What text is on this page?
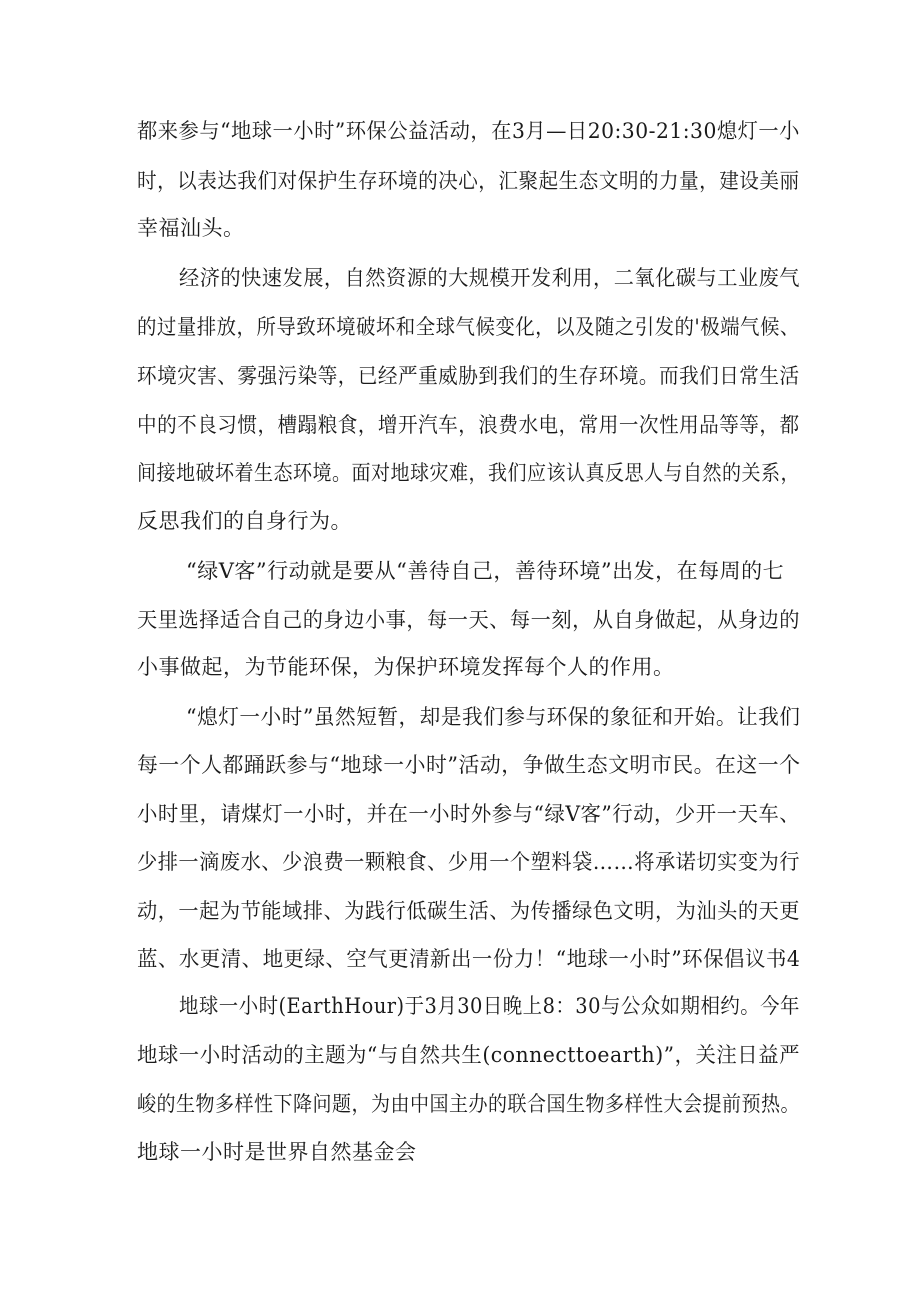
都来参与“地球一小时”环保公益活动，在3月—日20:30-21:30熄灯一小
时，以表达我们对保护生存环境的决心，汇聚起生态文明的力量，建设美丽
幸福汕头。
经济的快速发展，自然资源的大规模开发利用，二氧化碳与工业废气
的过量排放，所导致环境破坏和全球气候变化，以及随之引发的'极端气候、
环境灾害、雾强污染等，已经严重威胁到我们的生存环境。而我们日常生活
中的不良习惯，槽蹋粮食，增开汽车，浪费水电，常用一次性用品等等，都
间接地破坏着生态环境。面对地球灾难，我们应该认真反思人与自然的关系，
反思我们的自身行为。
“绿V客”行动就是要从“善待自己，善待环境”出发，在每周的七
天里选择适合自己的身边小事，每一天、每一刻，从自身做起，从身边的
小事做起，为节能环保，为保护环境发挥每个人的作用。
“熄灯一小时”虽然短暂，却是我们参与环保的象征和开始。让我们
每一个人都踊跃参与“地球一小时”活动，争做生态文明市民。在这一个
小时里，请煤灯一小时，并在一小时外参与“绿V客”行动，少开一天车、
少排一滴废水、少浪费一颗粮食、少用一个塑料袋……将承诺切实变为行
动，一起为节能域排、为践行低碳生活、为传播绿色文明，为汕头的天更
蓝、水更清、地更绿、空气更清新出一份力！“地球一小时”环保倡议书4
地球一小时(EarthHour)于3月30日晚上8：30与公众如期相约。今年
地球一小时活动的主题为“与自然共生(connecttoearth)”，关注日益严
峻的生物多样性下降问题，为由中国主办的联合国生物多样性大会提前预热。
地球一小时是世界自然基金会
